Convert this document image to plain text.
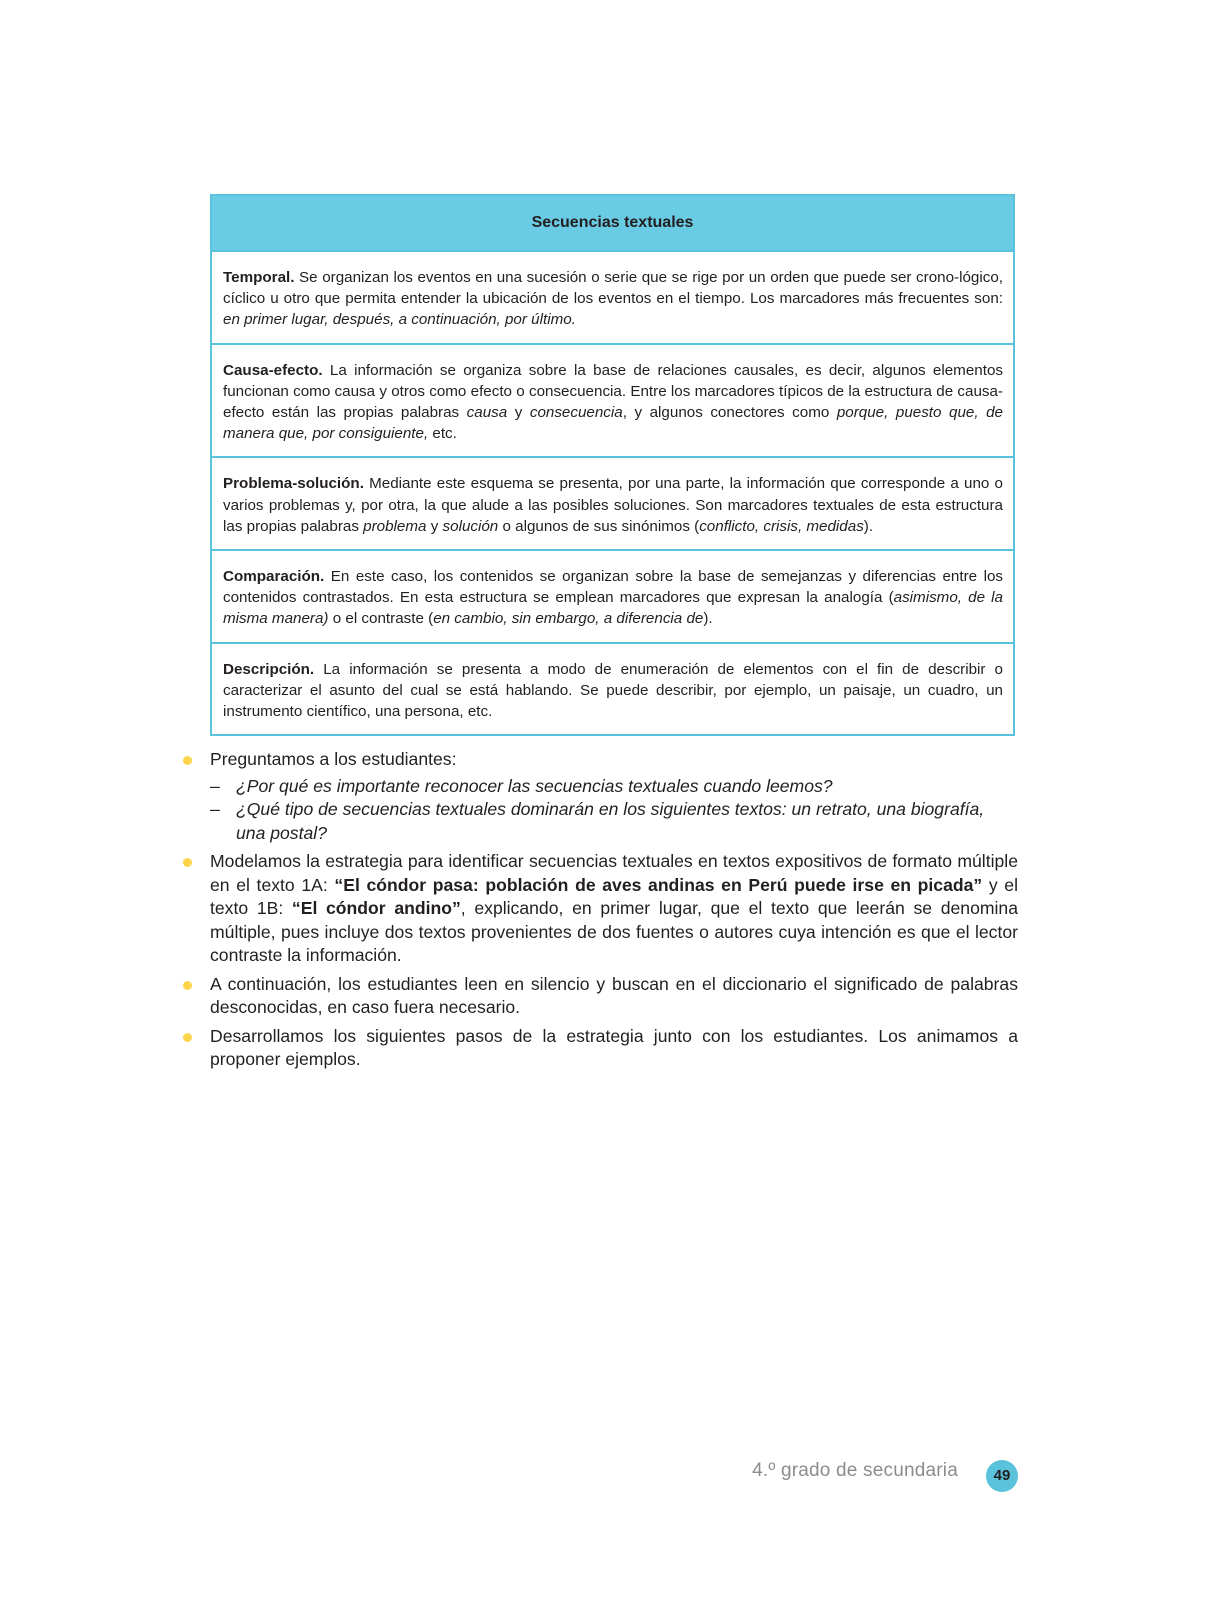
Secuencias textuales
Temporal. Se organizan los eventos en una sucesión o serie que se rige por un orden que puede ser crono-lógico, cíclico u otro que permita entender la ubicación de los eventos en el tiempo. Los marcadores más frecuentes son: en primer lugar, después, a continuación, por último.
Causa-efecto. La información se organiza sobre la base de relaciones causales, es decir, algunos elementos funcionan como causa y otros como efecto o consecuencia. Entre los marcadores típicos de la estructura de causa-efecto están las propias palabras causa y consecuencia, y algunos conectores como porque, puesto que, de manera que, por consiguiente, etc.
Problema-solución. Mediante este esquema se presenta, por una parte, la información que corresponde a uno o varios problemas y, por otra, la que alude a las posibles soluciones. Son marcadores textuales de esta estructura las propias palabras problema y solución o algunos de sus sinónimos (conflicto, crisis, medidas).
Comparación. En este caso, los contenidos se organizan sobre la base de semejanzas y diferencias entre los contenidos contrastados. En esta estructura se emplean marcadores que expresan la analogía (asimismo, de la misma manera) o el contraste (en cambio, sin embargo, a diferencia de).
Descripción. La información se presenta a modo de enumeración de elementos con el fin de describir o caracterizar el asunto del cual se está hablando. Se puede describir, por ejemplo, un paisaje, un cuadro, un instrumento científico, una persona, etc.
Preguntamos a los estudiantes:
– ¿Por qué es importante reconocer las secuencias textuales cuando leemos?
– ¿Qué tipo de secuencias textuales dominarán en los siguientes textos: un retrato, una biografía, una postal?
Modelamos la estrategia para identificar secuencias textuales en textos expositivos de formato múltiple en el texto 1A: “El cóndor pasa: población de aves andinas en Perú puede irse en picada” y el texto 1B: “El cóndor andino”, explicando, en primer lugar, que el texto que leerán se denomina múltiple, pues incluye dos textos provenientes de dos fuentes o autores cuya intención es que el lector contraste la información.
A continuación, los estudiantes leen en silencio y buscan en el diccionario el significado de palabras desconocidas, en caso fuera necesario.
Desarrollamos los siguientes pasos de la estrategia junto con los estudiantes. Los animamos a proponer ejemplos.
4.º grado de secundaria	49
